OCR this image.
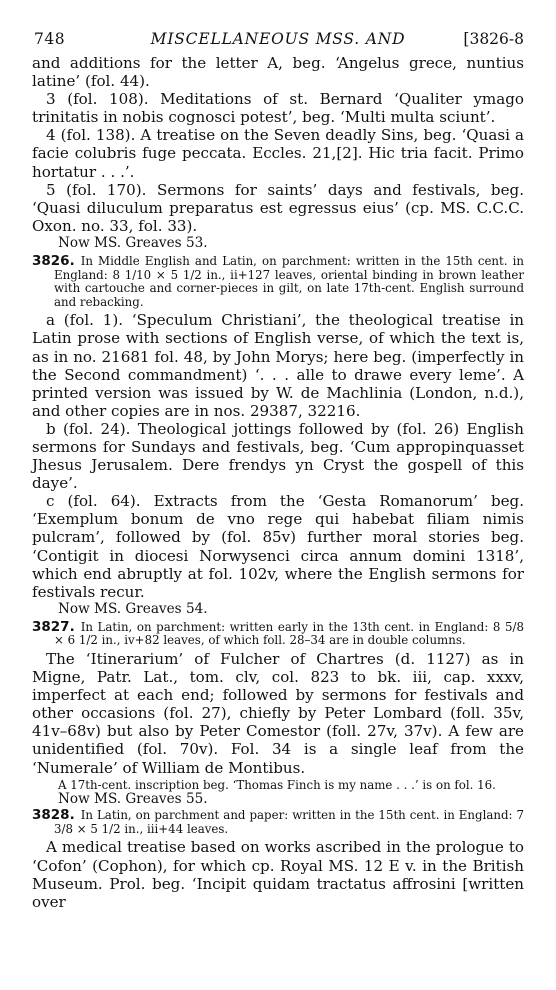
748	MISCELLANEOUS MSS. AND	[3826-8

and additions for the letter A, beg. ‘Angelus grece, nuntius latine’ (fol. 44).

3 (fol. 108). Meditations of st. Bernard ‘Qualiter ymago trinitatis in nobis cognosci potest’, beg. ‘Multi multa sciunt’.

4 (fol. 138). A treatise on the Seven deadly Sins, beg. ‘Quasi a facie colubris fuge peccata. Eccles. 21,[2]. Hic tria facit. Primo hortatur . . .’.

5 (fol. 170). Sermons for saints’ days and festivals, beg. ‘Quasi diluculum preparatus est egressus eius’ (cp. MS. C.C.C. Oxon. no. 33, fol. 33).

Now MS. Greaves 53.
3826. In Middle English and Latin, on parchment: written in the 15th cent. in England: 8 1/10 × 5 1/2 in., ii+127 leaves, oriental binding in brown leather with cartouche and corner-pieces in gilt, on late 17th-cent. English surround and rebacking.

a (fol. 1). ‘Speculum Christiani’, the theological treatise in Latin prose with sections of English verse, of which the text is, as in no. 21681 fol. 48, by John Morys; here beg. (imperfectly in the Second commandment) ‘. . . alle to drawe every leme’. A printed version was issued by W. de Machlinia (London, n.d.), and other copies are in nos. 29387, 32216.

b (fol. 24). Theological jottings followed by (fol. 26) English sermons for Sundays and festivals, beg. ‘Cum appropinquasset Jhesus Jerusalem. Dere frendys yn Cryst the gospell of this daye’.

c (fol. 64). Extracts from the ‘Gesta Romanorum’ beg. ‘Exemplum bonum de vno rege qui habebat filiam nimis pulcram’, followed by (fol. 85v) further moral stories beg. ‘Contigit in diocesi Norwysenci circa annum domini 1318’, which end abruptly at fol. 102v, where the English sermons for festivals recur.

Now MS. Greaves 54.
3827. In Latin, on parchment: written early in the 13th cent. in England: 8 5/8 × 6 1/2 in., iv+82 leaves, of which foll. 28–34 are in double columns.

The ‘Itinerarium’ of Fulcher of Chartres (d. 1127) as in Migne, Patr. Lat., tom. clv, col. 823 to bk. iii, cap. xxxv, imperfect at each end; followed by sermons for festivals and other occasions (fol. 27), chiefly by Peter Lombard (foll. 35v, 41v–68v) but also by Peter Comestor (foll. 27v, 37v). A few are unidentified (fol. 70v). Fol. 34 is a single leaf from the ‘Numerale’ of William de Montibus.

A 17th-cent. inscription beg. ‘Thomas Finch is my name . . .’ is on fol. 16.
Now MS. Greaves 55.
3828. In Latin, on parchment and paper: written in the 15th cent. in England: 7 3/8 × 5 1/2 in., iii+44 leaves.

A medical treatise based on works ascribed in the prologue to ‘Cofon’ (Cophon), for which cp. Royal MS. 12 E v. in the British Museum. Prol. beg. ‘Incipit quidam tractatus affrosini [written over
